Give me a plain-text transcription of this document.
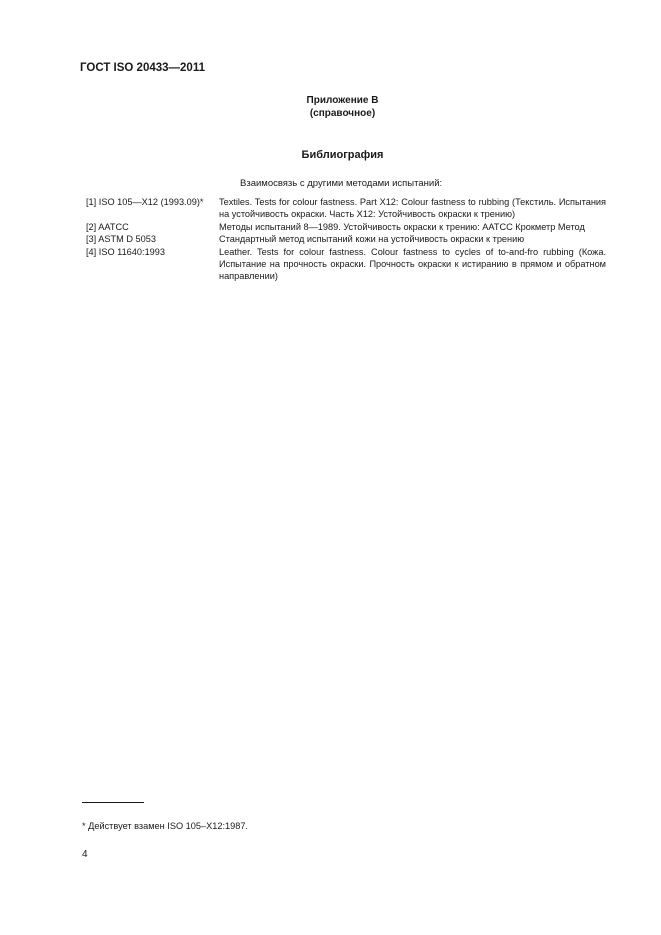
ГОСТ ISO 20433—2011
Приложение В
(справочное)
Библиография
Взаимосвязь с другими методами испытаний:
[1] ISO 105—X12 (1993.09)*	Textiles. Tests for colour fastness. Part X12: Colour fastness to rubbing (Текстиль. Испытания на устойчивость окраски. Часть X12: Устойчивость окраски к трению)
[2] AATCC	Методы испытаний 8—1989. Устойчивость окраски к трению: AATCC Крокметр Метод
[3] ASTM D 5053	Стандартный метод испытаний кожи на устойчивость окраски к трению
[4] ISO 11640:1993	Leather. Tests for colour fastness. Colour fastness to cycles of to-and-fro rubbing (Кожа. Испытание на прочность окраски. Прочность окраски к истиранию в прямом и обратном направлении)
* Действует взамен ISO 105–X12:1987.
4
